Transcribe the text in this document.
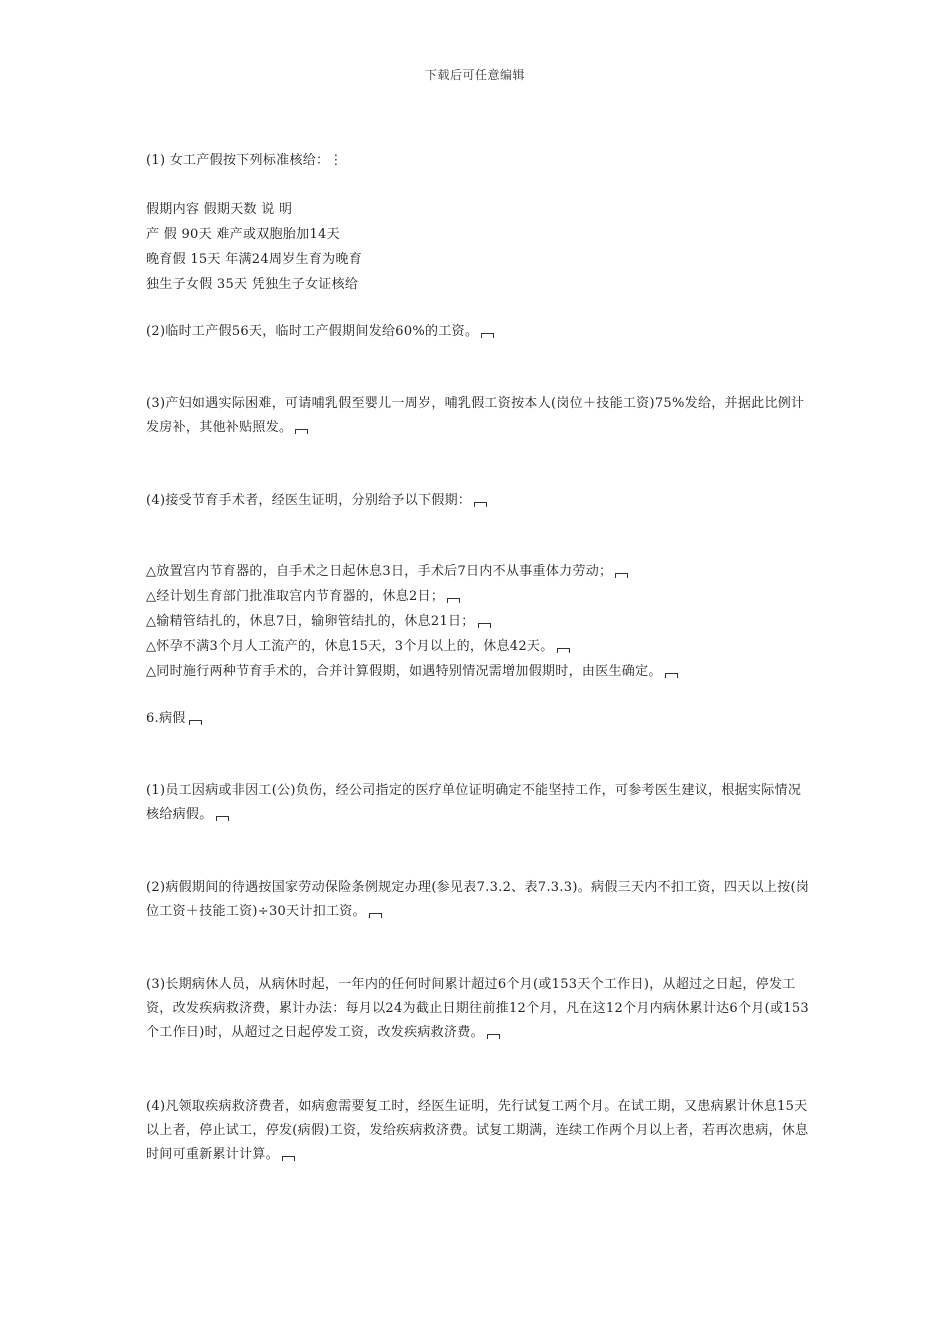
下载后可任意编辑
(1) 女工产假按下列标准核给：⋮
假期内容 假期天数 说 明
产 假 90天 难产或双胞胎加14天
晚育假 15天 年满24周岁生育为晚育
独生子女假 35天 凭独生子女证核给
(2)临时工产假56天，临时工产假期间发给60%的工资。
(3)产妇如遇实际困难，可请哺乳假至婴儿一周岁，哺乳假工资按本人(岗位＋技能工资)75%发给，并据此比例计发房补，其他补贴照发。
(4)接受节育手术者，经医生证明，分别给予以下假期：
△放置宫内节育器的，自手术之日起休息3日，手术后7日内不从事重体力劳动；
△经计划生育部门批准取宫内节育器的，休息2日；
△输精管结扎的，休息7日，输卵管结扎的，休息21日；
△怀孕不满3个月人工流产的，休息15天，3个月以上的，休息42天。
△同时施行两种节育手术的，合并计算假期，如遇特别情况需增加假期时，由医生确定。
6.病假
(1)员工因病或非因工(公)负伤，经公司指定的医疗单位证明确定不能坚持工作，可参考医生建议，根据实际情况核给病假。
(2)病假期间的待遇按国家劳动保险条例规定办理(参见表7.3.2、表7.3.3)。病假三天内不扣工资，四天以上按(岗位工资＋技能工资)÷30天计扣工资。
(3)长期病休人员，从病休时起，一年内的任何时间累计超过6个月(或153天个工作日)，从超过之日起，停发工资，改发疾病救济费，累计办法：每月以24为截止日期往前推12个月，凡在这12个月内病休累计达6个月(或153个工作日)时，从超过之日起停发工资，改发疾病救济费。
(4)凡领取疾病救济费者，如病愈需要复工时，经医生证明，先行试复工两个月。在试工期，又患病累计休息15天以上者，停止试工，停发(病假)工资，发给疾病救济费。试复工期满，连续工作两个月以上者，若再次患病，休息时间可重新累计计算。
